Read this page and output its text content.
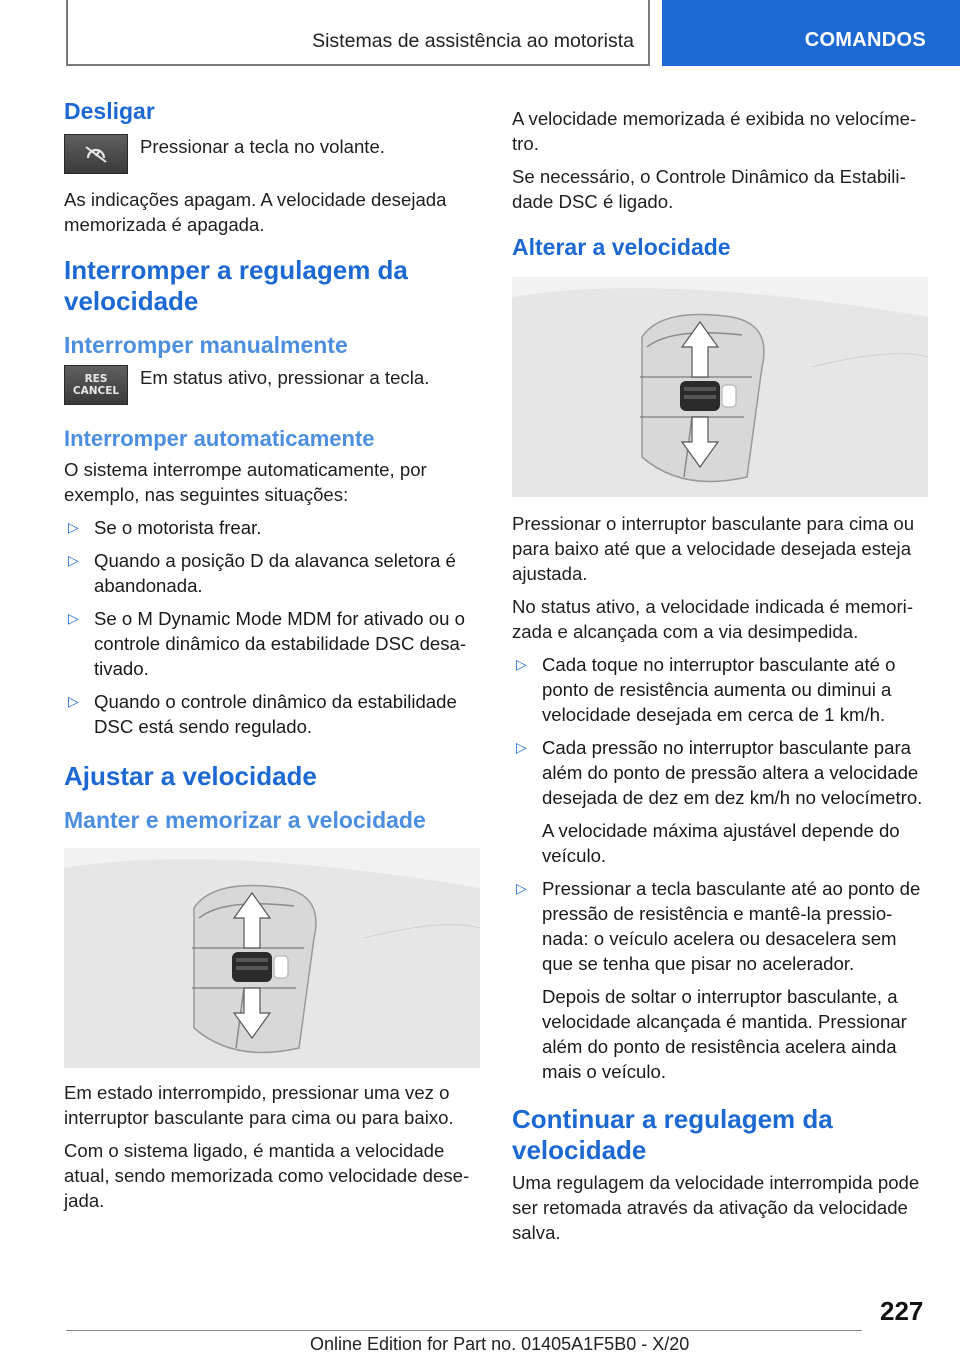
Sistemas de assistência ao motorista	COMANDOS
Desligar

Pressionar a tecla no volante.

As indicações apagam. A velocidade desejada memorizada é apagada.

Interromper a regulagem da velocidade
Interromper manualmente
RES
CANCEL

Em status ativo, pressionar a tecla.

Interromper automaticamente

O sistema interrompe automaticamente, por exemplo, nas seguintes situações:

▷ Se o motorista frear.
▷ Quando a posição D da alavanca seletora é abandonada.
▷ Se o M Dynamic Mode MDM for ativado ou o controle dinâmico da estabilidade DSC desativado.
▷ Quando o controle dinâmico da estabilidade DSC está sendo regulado.
Ajustar a velocidade
Manter e memorizar a velocidade

Em estado interrompido, pressionar uma vez o interruptor basculante para cima ou para baixo.

Com o sistema ligado, é mantida a velocidade atual, sendo memorizada como velocidade desejada.

A velocidade memorizada é exibida no velocímetro.

Se necessário, o Controle Dinâmico da Estabilidade DSC é ligado.

Alterar a velocidade

Pressionar o interruptor basculante para cima ou para baixo até que a velocidade desejada esteja ajustada.

No status ativo, a velocidade indicada é memorizada e alcançada com a via desimpedida.

▷ Cada toque no interruptor basculante até o ponto de resistência aumenta ou diminui a velocidade desejada em cerca de 1 km/h.
▷ Cada pressão no interruptor basculante para além do ponto de pressão altera a velocidade desejada de dez em dez km/h no velocímetro.
A velocidade máxima ajustável depende do veículo.
▷ Pressionar a tecla basculante até ao ponto de pressão de resistência e mantê-la pressionada: o veículo acelera ou desacelera sem que se tenha que pisar no acelerador.
Depois de soltar o interruptor basculante, a velocidade alcançada é mantida. Pressionar além do ponto de resistência acelera ainda mais o veículo.
Continuar a regulagem da velocidade

Uma regulagem da velocidade interrompida pode ser retomada através da ativação da velocidade salva.

227
Online Edition for Part no. 01405A1F5B0 - X/20
